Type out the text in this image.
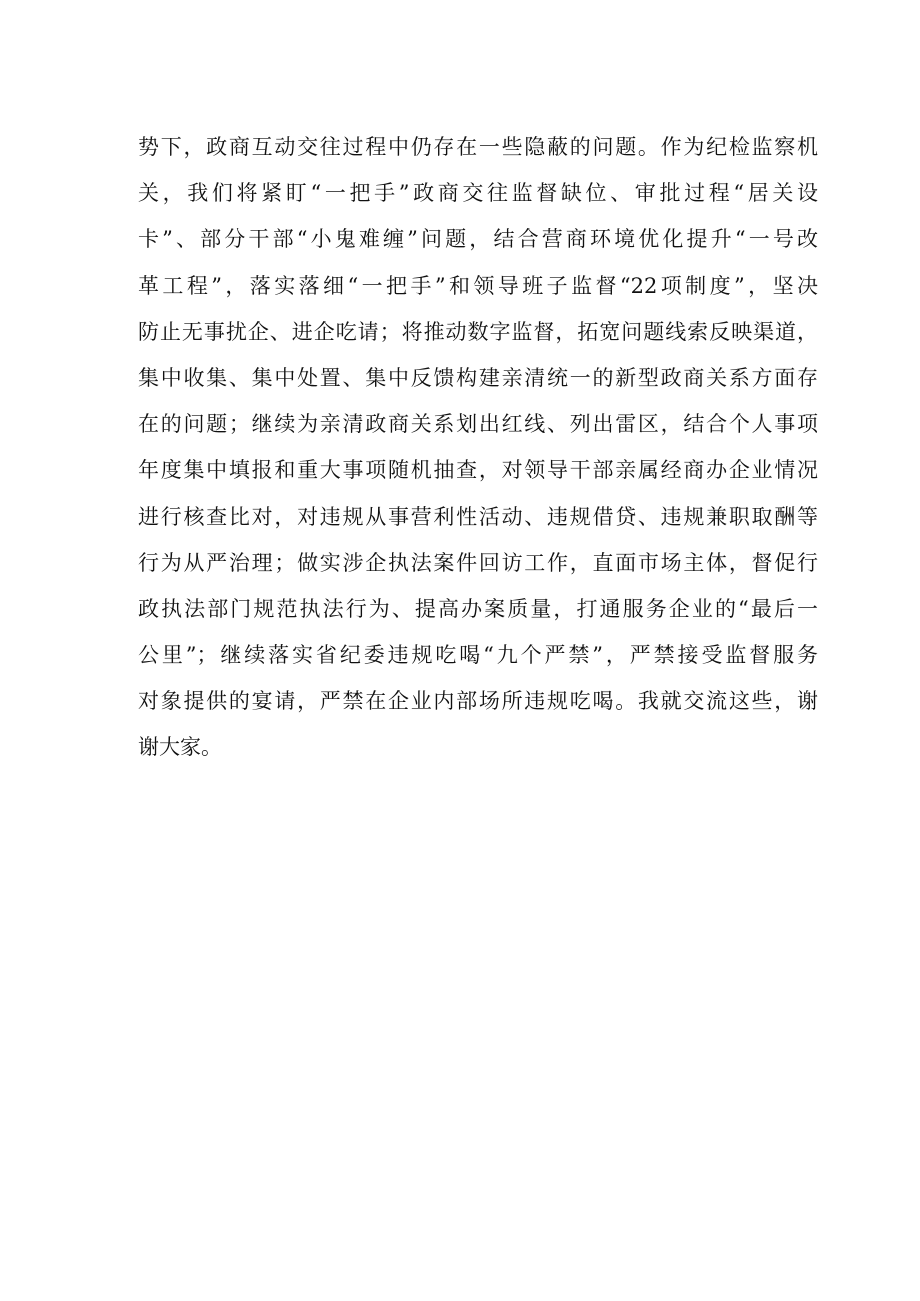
势下，政商互动交往过程中仍存在一些隐蔽的问题。作为纪检监察机
关，我们将紧盯“一把手”政商交往监督缺位、审批过程“居关设
卡”、部分干部“小鬼难缠”问题，结合营商环境优化提升“一号改
革工程”，落实落细“一把手”和领导班子监督“22项制度”，坚决
防止无事扰企、进企吃请；将推动数字监督，拓宽问题线索反映渠道，
集中收集、集中处置、集中反馈构建亲清统一的新型政商关系方面存
在的问题；继续为亲清政商关系划出红线、列出雷区，结合个人事项
年度集中填报和重大事项随机抽查，对领导干部亲属经商办企业情况
进行核查比对，对违规从事营利性活动、违规借贷、违规兼职取酬等
行为从严治理；做实涉企执法案件回访工作，直面市场主体，督促行
政执法部门规范执法行为、提高办案质量，打通服务企业的“最后一
公里”；继续落实省纪委违规吃喝“九个严禁”，严禁接受监督服务
对象提供的宴请，严禁在企业内部场所违规吃喝。我就交流这些，谢
谢大家。
